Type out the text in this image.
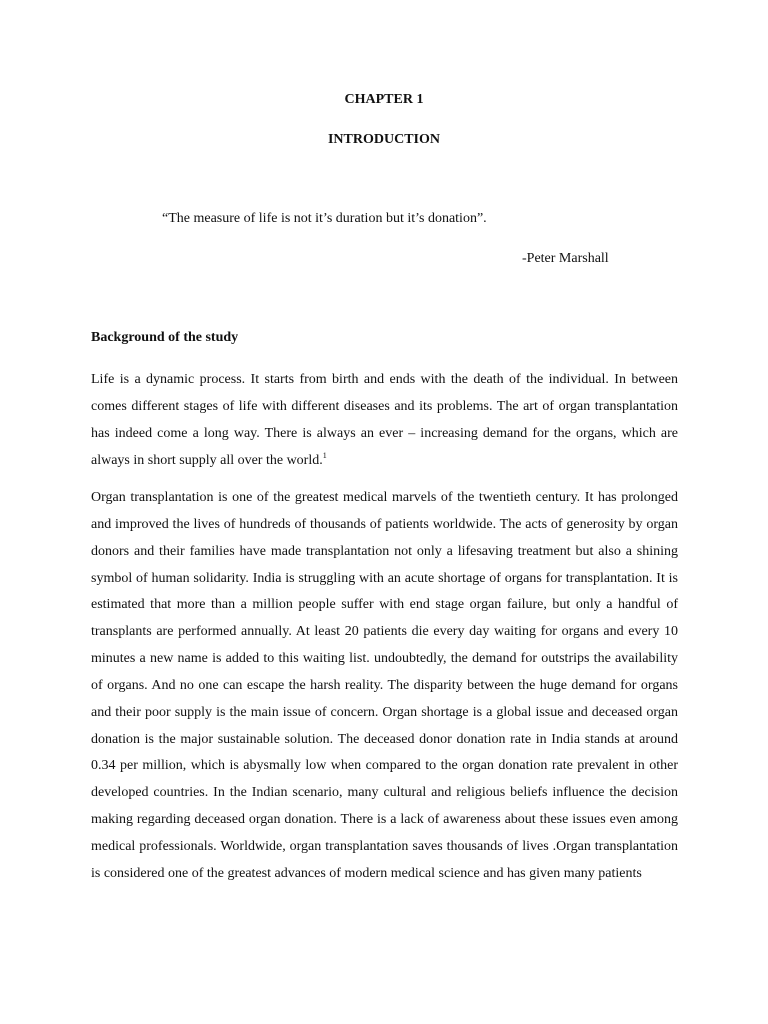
CHAPTER 1
INTRODUCTION
“The measure of life is not it’s duration but it’s donation”.
-Peter Marshall
Background of the study
Life is a dynamic process. It starts from birth and ends with the death of the individual. In between comes different stages of life with different diseases and its problems. The art of organ transplantation has indeed come a long way. There is always an ever – increasing demand for the organs, which are always in short supply all over the world.$^1$
Organ transplantation is one of the greatest medical marvels of the twentieth century. It has prolonged and improved the lives of hundreds of thousands of patients worldwide. The acts of generosity by organ donors and their families have made transplantation not only a lifesaving treatment but also a shining symbol of human solidarity. India is struggling with an acute shortage of organs for transplantation. It is estimated that more than a million people suffer with end stage organ failure, but only a handful of transplants are performed annually. At least 20 patients die every day waiting for organs and every 10 minutes a new name is added to this waiting list. undoubtedly, the demand for outstrips the availability of organs. And no one can escape the harsh reality. The disparity between the huge demand for organs and their poor supply is the main issue of concern. Organ shortage is a global issue and deceased organ donation is the major sustainable solution. The deceased donor donation rate in India stands at around 0.34 per million, which is abysmally low when compared to the organ donation rate prevalent in other developed countries. In the Indian scenario, many cultural and religious beliefs influence the decision making regarding deceased organ donation. There is a lack of awareness about these issues even among medical professionals. Worldwide, organ transplantation saves thousands of lives .Organ transplantation is considered one of the greatest advances of modern medical science and has given many patients
